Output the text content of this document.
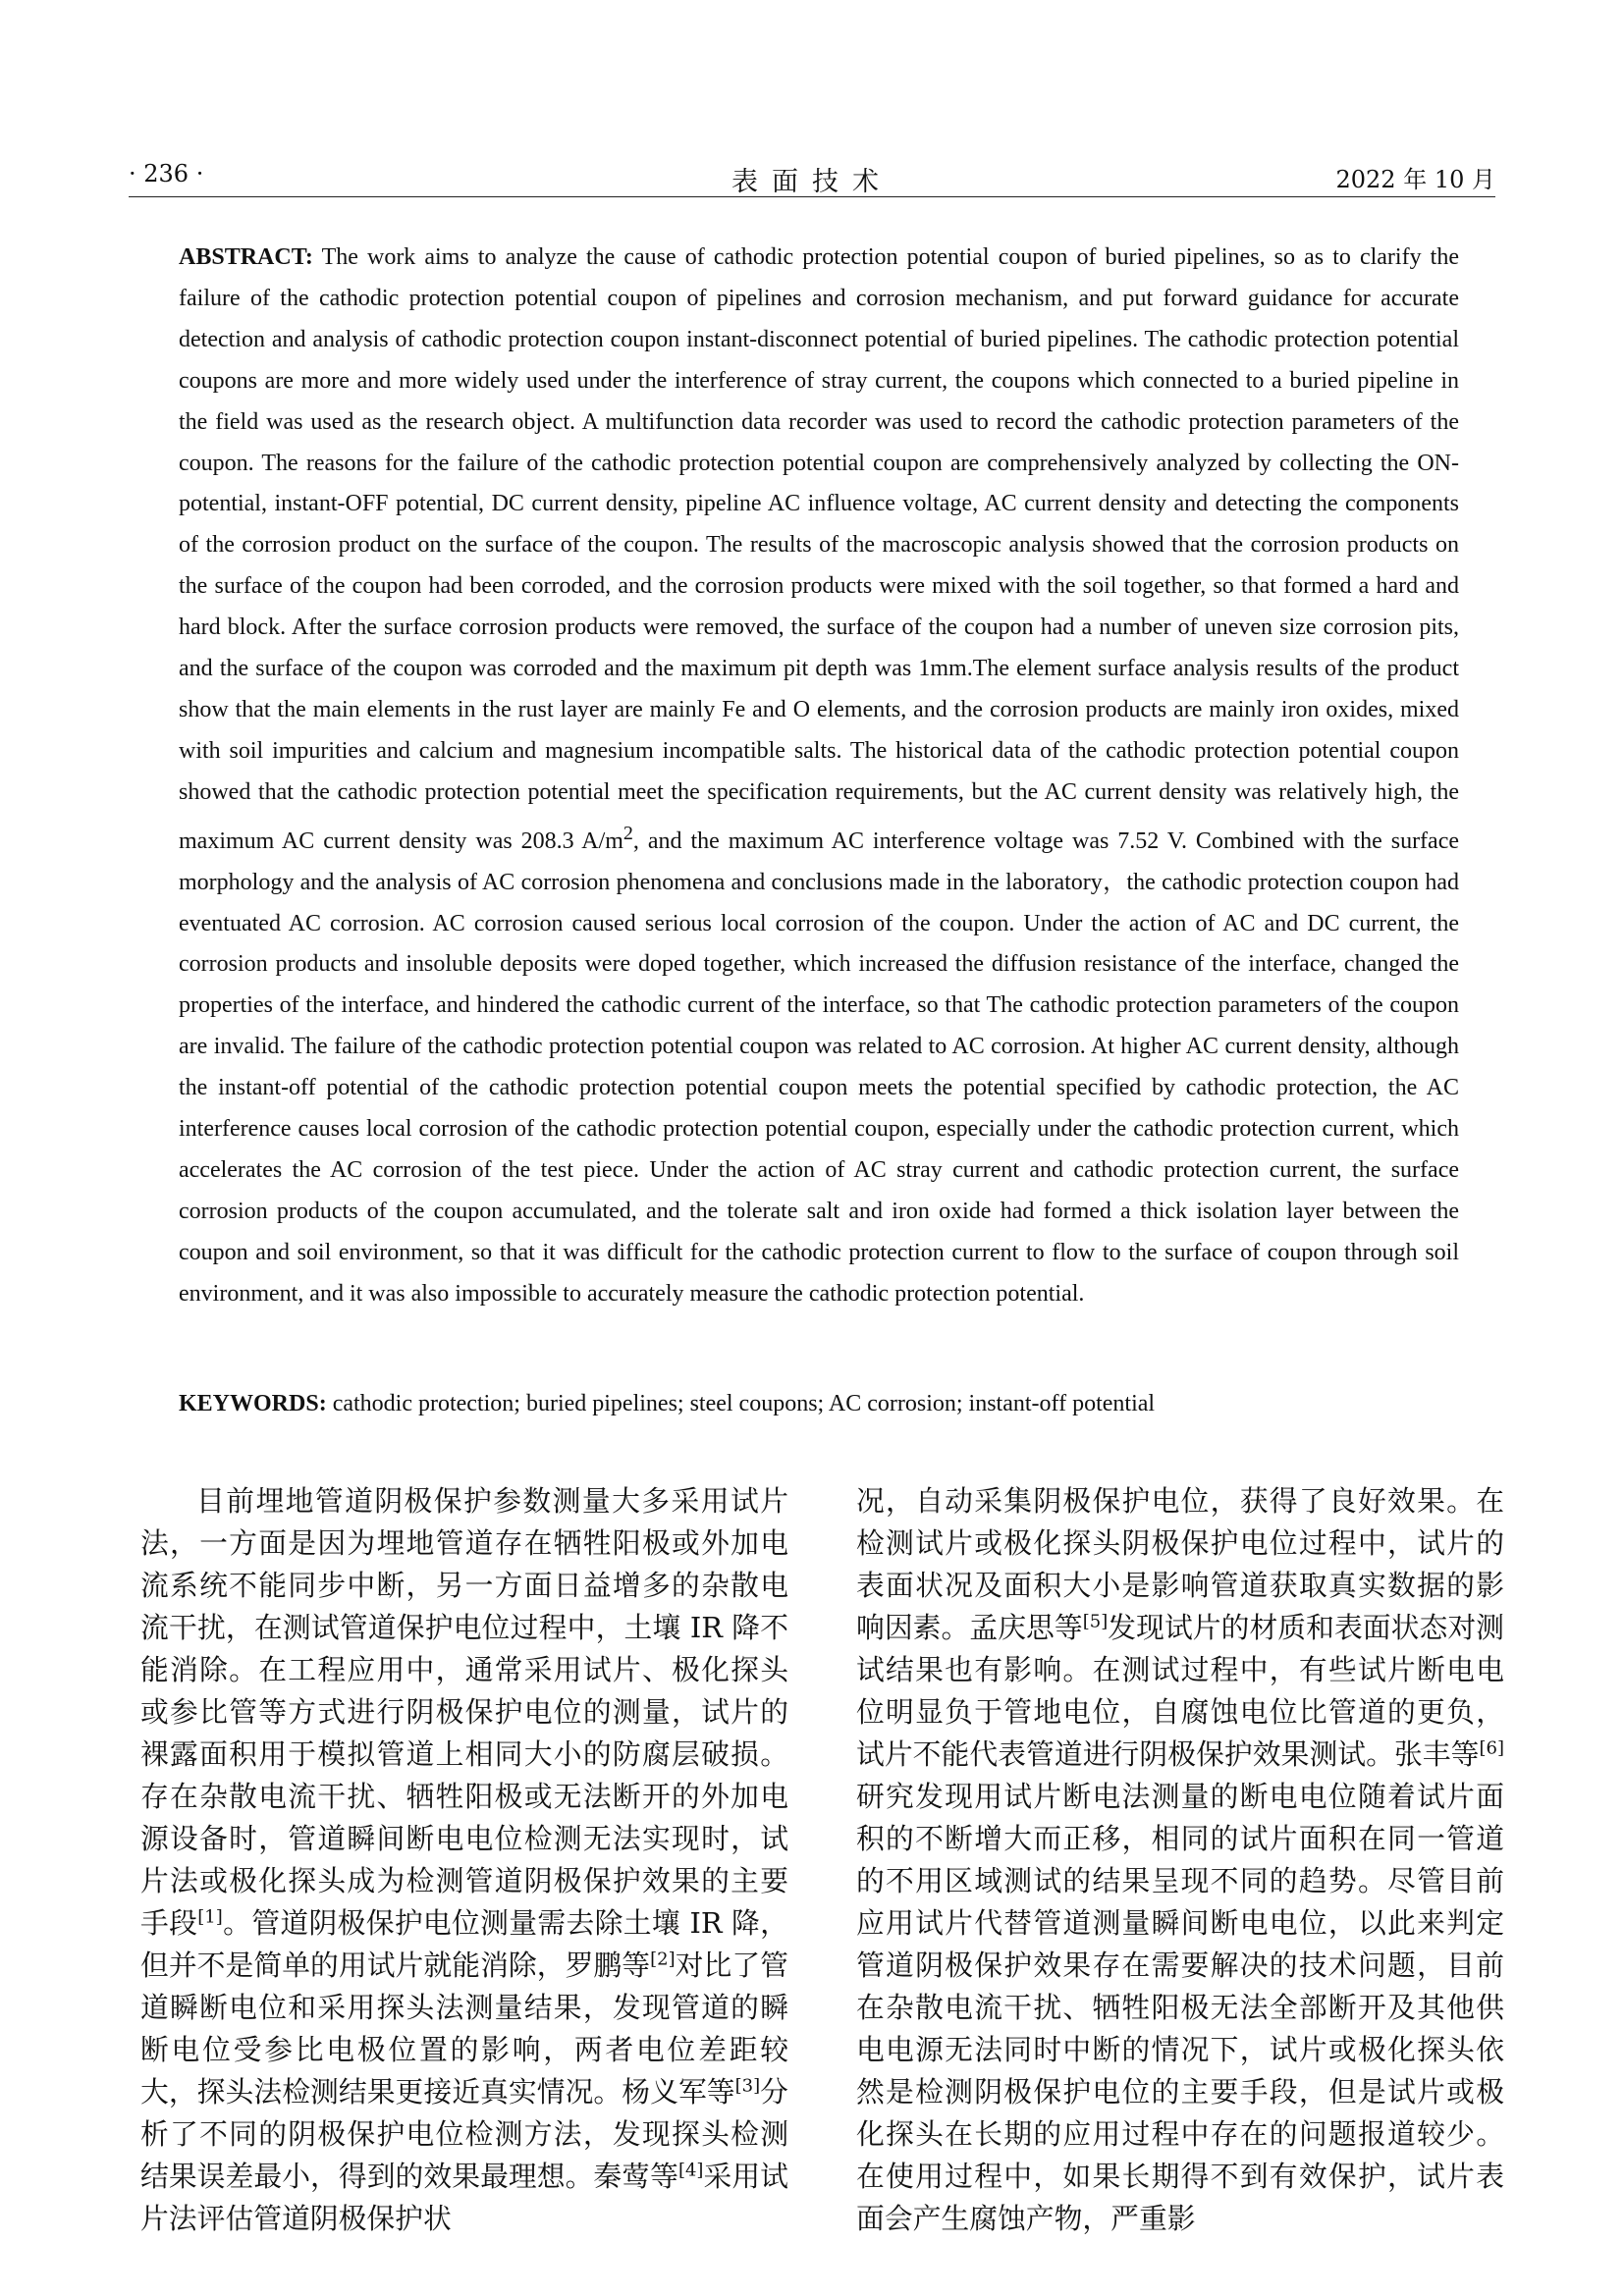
· 236 ·	表面技术	2022 年 10 月
ABSTRACT: The work aims to analyze the cause of cathodic protection potential coupon of buried pipelines, so as to clarify the failure of the cathodic protection potential coupon of pipelines and corrosion mechanism, and put forward guidance for accurate detection and analysis of cathodic protection coupon instant-disconnect potential of buried pipelines. The cathodic protection potential coupons are more and more widely used under the interference of stray current, the coupons which connected to a buried pipeline in the field was used as the research object. A multifunction data recorder was used to record the cathodic protection parameters of the coupon. The reasons for the failure of the cathodic protection potential coupon are comprehensively analyzed by collecting the ON-potential, instant-OFF potential, DC current density, pipeline AC influence voltage, AC current density and detecting the components of the corrosion product on the surface of the coupon. The results of the macroscopic analysis showed that the corrosion products on the surface of the coupon had been corroded, and the corrosion products were mixed with the soil together, so that formed a hard and hard block. After the surface corrosion products were removed, the surface of the coupon had a number of uneven size corrosion pits, and the surface of the coupon was corroded and the maximum pit depth was 1mm.The element surface analysis results of the product show that the main elements in the rust layer are mainly Fe and O elements, and the corrosion products are mainly iron oxides, mixed with soil impurities and calcium and magnesium incompatible salts. The historical data of the cathodic protection potential coupon showed that the cathodic protection potential meet the specification requirements, but the AC current density was relatively high, the maximum AC current density was 208.3 $A/m^2$, and the maximum AC interference voltage was 7.52 V. Combined with the surface morphology and the analysis of AC corrosion phenomena and conclusions made in the laboratory，the cathodic protection coupon had eventuated AC corrosion. AC corrosion caused serious local corrosion of the coupon. Under the action of AC and DC current, the corrosion products and insoluble deposits were doped together, which increased the diffusion resistance of the interface, changed the properties of the interface, and hindered the cathodic current of the interface, so that The cathodic protection parameters of the coupon are invalid. The failure of the cathodic protection potential coupon was related to AC corrosion. At higher AC current density, although the instant-off potential of the cathodic protection potential coupon meets the potential specified by cathodic protection, the AC interference causes local corrosion of the cathodic protection potential coupon, especially under the cathodic protection current, which accelerates the AC corrosion of the test piece. Under the action of AC stray current and cathodic protection current, the surface corrosion products of the coupon accumulated, and the tolerate salt and iron oxide had formed a thick isolation layer between the coupon and soil environment, so that it was difficult for the cathodic protection current to flow to the surface of coupon through soil environment, and it was also impossible to accurately measure the cathodic protection potential.
KEYWORDS: cathodic protection; buried pipelines; steel coupons; AC corrosion; instant-off potential
目前埋地管道阴极保护参数测量大多采用试片法，一方面是因为埋地管道存在牺牲阳极或外加电流系统不能同步中断，另一方面日益增多的杂散电流干扰，在测试管道保护电位过程中，土壤 IR 降不能消除。在工程应用中，通常采用试片、极化探头或参比管等方式进行阴极保护电位的测量，试片的裸露面积用于模拟管道上相同大小的防腐层破损。存在杂散电流干扰、牺牲阳极或无法断开的外加电源设备时，管道瞬间断电电位检测无法实现时，试片法或极化探头成为检测管道阴极保护效果的主要手段[1]。管道阴极保护电位测量需去除土壤 IR 降，但并不是简单的用试片就能消除，罗鹏等[2]对比了管道瞬断电位和采用探头法测量结果，发现管道的瞬断电位受参比电极位置的影响，两者电位差距较大，探头法检测结果更接近真实情况。杨义军等[3]分析了不同的阴极保护电位检测方法，发现探头检测结果误差最小，得到的效果最理想。秦莺等[4]采用试片法评估管道阴极保护状
况，自动采集阴极保护电位，获得了良好效果。在检测试片或极化探头阴极保护电位过程中，试片的表面状况及面积大小是影响管道获取真实数据的影响因素。孟庆思等[5]发现试片的材质和表面状态对测试结果也有影响。在测试过程中，有些试片断电电位明显负于管地电位，自腐蚀电位比管道的更负，试片不能代表管道进行阴极保护效果测试。张丰等[6]研究发现用试片断电法测量的断电电位随着试片面积的不断增大而正移，相同的试片面积在同一管道的不用区域测试的结果呈现不同的趋势。尽管目前应用试片代替管道测量瞬间断电电位，以此来判定管道阴极保护效果存在需要解决的技术问题，目前在杂散电流干扰、牺牲阳极无法全部断开及其他供电电源无法同时中断的情况下，试片或极化探头依然是检测阴极保护电位的主要手段，但是试片或极化探头在长期的应用过程中存在的问题报道较少。在使用过程中，如果长期得不到有效保护，试片表面会产生腐蚀产物，严重影
